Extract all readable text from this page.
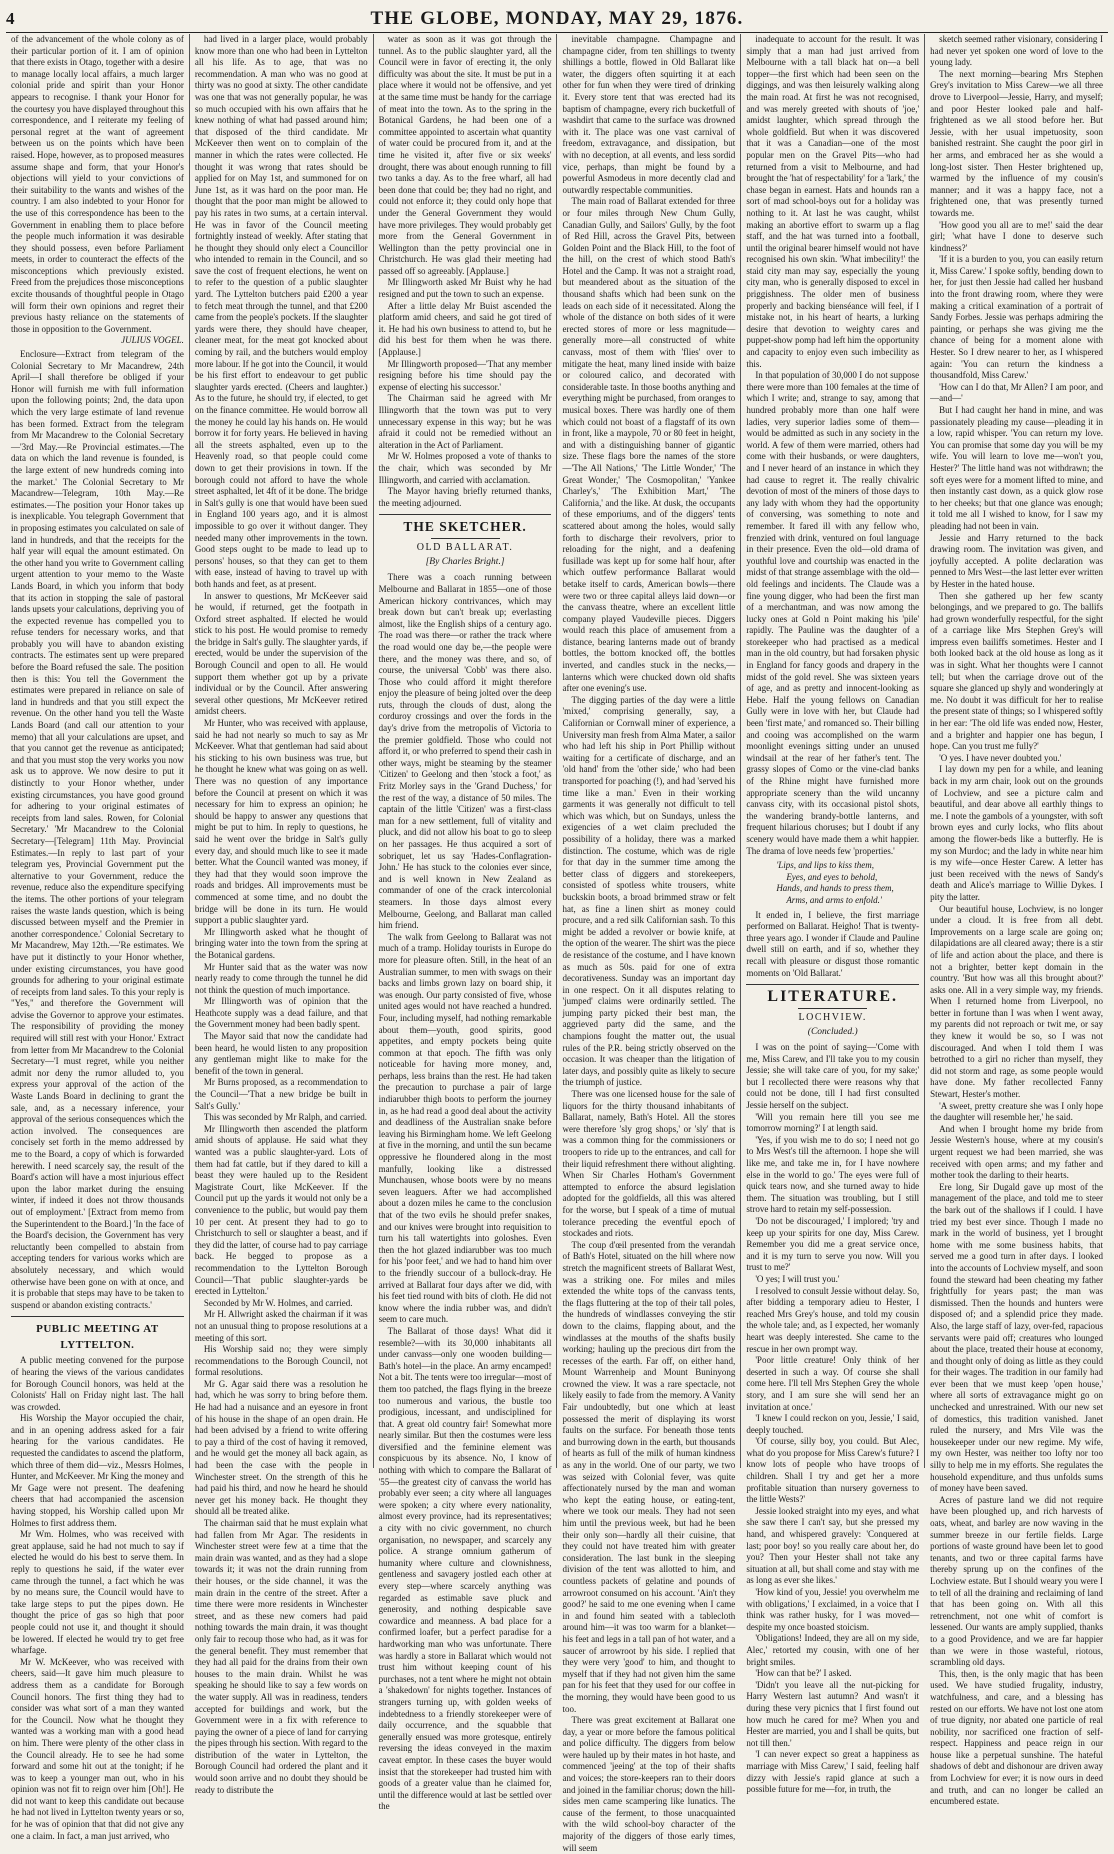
4	THE GLOBE, MONDAY, MAY 29, 1876.

of the advancement of the whole colony as of their particular portion of it. I am of opinion that there exists in Otago, together with a desire to manage locally local affairs, a much larger colonial pride and spirit than your Honor appears to recognise. I thank your Honor for the courtesy you have displayed throughout this correspondence, and I reiterate my feeling of personal regret at the want of agreement between us on the points which have been raised. Hope, however, as to proposed measures assume shape and form, that your Honor's objections will yield to your convictions of their suitability to the wants and wishes of the country. I am also indebted to your Honor for the use of this correspondence has been to the Government in enabling them to place before the people much information it was desirable they should possess, even before Parliament meets, in order to counteract the effects of the misconceptions which previously existed. Freed from the prejudices those misconceptions excite thousands of thoughtful people in Otago will form their own opinions and regret their previous hasty reliance on the statements of those in opposition to the Government.

JULIUS VOGEL.

Enclosure—Extract from telegram of the Colonial Secretary to Mr Macandrew, 24th April—I shall therefore be obliged if your Honor will furnish me with full information upon the following points; 2nd, the data upon which the very large estimate of land revenue has been formed. Extract from the telegram from Mr Macandrew to the Colonial Secretary—'3rd May.—Re Provincial estimates.—The data on which the land revenue is founded, is the large extent of new hundreds coming into the market.' The Colonial Secretary to Mr Macandrew—Telegram, 10th May.—Re estimates.—The position your Honor takes up is inexplicable. You telegraph Government that in proposing estimates you calculated on sale of land in hundreds, and that the receipts for the half year will equal the amount estimated. On the other hand you write to Government calling urgent attention to your memo to the Waste Lands Board, in which you inform that body that its action in stopping the sale of pastoral lands upsets your calculations, depriving you of the expected revenue has compelled you to refuse tenders for necessary works, and that probably you will have to abandon existing contracts. The estimates sent up were prepared before the Board refused the sale. The position then is this: You tell the Government the estimates were prepared in reliance on sale of land in hundreds and that you still expect the revenue. On the other hand you tell the Waste Lands Board (and call our attention to your memo) that all your calculations are upset, and that you cannot get the revenue as anticipated; and that you must stop the very works you now ask us to approve. We now desire to put it distinctly to your Honor whether, under existing circumstances, you have good ground for adhering to your original estimates of receipts from land sales. Rowen, for Colonial Secretary.' 'Mr Macandrew to the Colonial Secretary—[Telegram] 11th May. Provincial Estimates.—In reply to last part of your telegram yes, Provincial Government put the alternative to your Government, reduce the revenue, reduce also the expenditure specifying the items. The other portions of your telegram raises the waste lands question, which is being discussed between myself and the Premier in another correspondence.' Colonial Secretary to Mr Macandrew, May 12th.—'Re estimates. We have put it distinctly to your Honor whether, under existing circumstances, you have good grounds for adhering to your original estimate of receipts from land sales. To this your reply is "Yes," and therefore the Government will advise the Governor to approve your estimates. The responsibility of providing the money required will still rest with your Honor.' Extract from letter from Mr Macandrew to the Colonial Secretary—'I must regret, while you neither admit nor deny the rumor alluded to, you express your approval of the action of the Waste Lands Board in declining to grant the sale, and, as a necessary inference, your approval of the serious consequences which the action involved. The consequences are concisely set forth in the memo addressed by me to the Board, a copy of which is forwarded herewith. I need scarcely say, the result of the Board's action will have a most injurious effect upon the labor market during the ensuing winter, if indeed it does not throw thousands out of employment.' [Extract from memo from the Superintendent to the Board.] 'In the face of the Board's decision, the Government has very reluctantly been compelled to abstain from accepting tenders for various works which are absolutely necessary, and which would otherwise have been gone on with at once, and it is probable that steps may have to be taken to suspend or abandon existing contracts.'

PUBLIC MEETING AT LYTTELTON.

A public meeting convened for the purpose of hearing the views of the various candidates for Borough Council honors, was held at the Colonists' Hall on Friday night last. The hall was crowded.

His Worship the Mayor occupied the chair, and in an opening address asked for a fair hearing for the various candidates. He requested the candidates to ascend the platform, which three of them did—viz., Messrs Holmes, Hunter, and McKeever. Mr King the money and Mr Gage were not present. The deafening cheers that had accompanied the ascension having stopped, his Worship called upon Mr Holmes to first address them.

Mr Wm. Holmes, who was received with great applause, said he had not much to say if elected he would do his best to serve them. In reply to questions he said, if the water ever came through the tunnel, a fact which he was by no means sure, the Council would have to take large steps to put the pipes down. He thought the price of gas so high that poor people could not use it, and thought it should be lowered. If elected he would try to get free wharfage.

Mr W. McKeever, who was received with cheers, said—It gave him much pleasure to address them as a candidate for Borough Council honors. The first thing they had to consider was what sort of a man they wanted for the Council. Now what he thought they wanted was a working man with a good head on him. There were plenty of the other class in the Council already. He to see he had some forward and some hit out at the tonight; if he was to keep a younger man out, who in his opinion was not fit to reign over him [Oh!]. He did not want to keep this candidate out because he had not lived in Lyttelton twenty years or so, for he was of opinion that that did not give any one a claim. In fact, a man just arrived, who

had lived in a larger place, would probably know more than one who had been in Lyttelton all his life. As to age, that was no recommendation. A man who was no good at thirty was no good at sixty. The other candidate was one that was not generally popular, he was so much occupied with his own affairs that he knew nothing of what had passed around him; that disposed of the third candidate. Mr McKeever then went on to complain of the manner in which the rates were collected. He thought it was wrong that rates should be applied for on May 1st, and summoned for on June 1st, as it was hard on the poor man. He thought that the poor man might be allowed to pay his rates in two sums, at a certain interval. He was in favor of the Council meeting fortnightly instead of weekly. After stating that he thought they should only elect a Councillor who intended to remain in the Council, and so save the cost of frequent elections, he went on to refer to the question of a public slaughter yard. The Lyttelton butchers paid £200 a year to fetch meat through the tunnel, and that £200 came from the people's pockets. If the slaughter yards were there, they should have cheaper, cleaner meat, for the meat got knocked about coming by rail, and the butchers would employ more labour. If he got into the Council, it would be his first effort to endeavour to get public slaughter yards erected. (Cheers and laughter.) As to the future, he should try, if elected, to get on the finance committee. He would borrow all the money he could lay his hands on. He would borrow it for forty years. He believed in having all the streets asphalted, even up to the Heavenly road, so that people could come down to get their provisions in town. If the borough could not afford to have the whole street asphalted, let 4ft of it be done. The bridge in Salt's gully is one that would have been sued in England 100 years ago, and it is almost impossible to go over it without danger. They needed many other improvements in the town. Good steps ought to be made to lead up to persons' houses, so that they can get to them with ease, instead of having to travel up with both hands and feet, as at present.

In answer to questions, Mr McKeever said he would, if returned, get the footpath in Oxford street asphalted. If elected he would stick to his post. He would promise to remedy the bridge in Salt's gully. The slaughter yards, if erected, would be under the supervision of the Borough Council and open to all. He would support them whether got up by a private individual or by the Council. After answering several other questions, Mr McKeever retired amidst cheers.

Mr Hunter, who was received with applause, said he had not nearly so much to say as Mr McKeever. What that gentleman had said about his sticking to his own business was true, but he thought he knew what was going on as well. There was no question of any importance before the Council at present on which it was necessary for him to express an opinion; he should be happy to answer any questions that might be put to him. In reply to questions, he said he went over the bridge in Salt's gully every day, and should much like to see it made better. What the Council wanted was money, if they had that they would soon improve the roads and bridges. All improvements must be commenced at some time, and no doubt the bridge will be done in its turn. He would support a public slaughter yard.

Mr Illingworth asked what he thought of bringing water into the town from the spring at the Botanical gardens.

Mr Hunter said that as the water was now nearly ready to come through the tunnel he did not think the question of much importance.

Mr Illingworth was of opinion that the Heathcote supply was a dead failure, and that the Government money had been badly spent.

The Mayor said that now the candidate had been heard, he would listen to any proposition any gentleman might like to make for the benefit of the town in general.

Mr Burns proposed, as a recommendation to the Council—'That a new bridge be built in Salt's Gully.'

This was seconded by Mr Ralph, and carried.

Mr Illingworth then ascended the platform amid shouts of applause. He said what they wanted was a public slaughter-yard. Lots of them had fat cattle, but if they dared to kill a beast they were hauled up to the Resident Magistrate Court, like McKeever. If the Council put up the yards it would not only be a convenience to the public, but would pay them 10 per cent. At present they had to go to Christchurch to sell or slaughter a beast, and if they did the latter, of course had to pay carriage back. He begged to propose as a recommendation to the Lyttelton Borough Council—'That public slaughter-yards be erected in Lyttelton.'

Seconded by Mr W. Holmes, and carried.

Mr H. Allwright asked the chairman if it was not an unusual thing to propose resolutions at a meeting of this sort.

His Worship said no; they were simply recommendations to the Borough Council, not formal resolutions.

Mr G. Agar said there was a resolution he had, which he was sorry to bring before them. He had had a nuisance and an eyesore in front of his house in the shape of an open drain. He had been advised by a friend to write offering to pay a third of the cost of having it removed, and he would get the money all back again, as had been the case with the people in Winchester street. On the strength of this he had paid his third, and now he heard he should never get his money back. He thought they should all be treated alike.

The chairman said that he must explain what had fallen from Mr Agar. The residents in Winchester street were few at a time that the main drain was wanted, and as they had a slope towards it; it was not the drain running from their houses, or the side channel, it was the main drain in the centre of the street. After a time there were more residents in Winchester street, and as these new comers had paid nothing towards the main drain, it was thought only fair to recoup those who had, as it was for the general benefit. They must remember that they had all paid for the drains from their own houses to the main drain. Whilst he was speaking he should like to say a few words on the water supply. All was in readiness, tenders accepted for buildings and work, but the Government were in a fix with reference to paying the owner of a piece of land for carrying the pipes through his section. With regard to the distribution of the water in Lyttelton, the Borough Council had ordered the plant and it would soon arrive and no doubt they should be ready to distribute the

water as soon as it was got through the tunnel. As to the public slaughter yard, all the Council were in favor of erecting it, the only difficulty was about the site. It must be put in a place where it would not be offensive, and yet at the same time must be handy for the carriage of meat into the town. As to the spring in the Botanical Gardens, he had been one of a committee appointed to ascertain what quantity of water could be procured from it, and at the time he visited it, after five or six weeks' drought, there was about enough running to fill two tanks a day. As to the free wharf, all had been done that could be; they had no right, and could not enforce it; they could only hope that under the General Government they would have more privileges. They would probably get more from the General Government in Wellington than the petty provincial one in Christchurch. He was glad their meeting had passed off so agreeably. [Applause.]

Mr Illingworth asked Mr Buist why he had resigned and put the town to such an expense.

After a little delay Mr Buist ascended the platform amid cheers, and said he got tired of it. He had his own business to attend to, but he did his best for them when he was there. [Applause.]

Mr Illingworth proposed—'That any member resigning before his time should pay the expense of electing his successor.'

The Chairman said he agreed with Mr Illingworth that the town was put to very unnecessary expense in this way; but he was afraid it could not be remedied without an alteration in the Act of Parliament.

Mr W. Holmes proposed a vote of thanks to the chair, which was seconded by Mr Illingworth, and carried with acclamation.

The Mayor having briefly returned thanks, the meeting adjourned.

THE SKETCHER.
OLD BALLARAT.
[By Charles Bright.]

There was a coach running between Melbourne and Ballarat in 1855—one of those American hickory contrivances, which may break down but can't break up; everlasting almost, like the English ships of a century ago. The road was there—or rather the track where the road would one day be,—the people were there, and the money was there, and so, of course, the universal 'Cobb' was there also. Those who could afford it might therefore enjoy the pleasure of being jolted over the deep ruts, through the clouds of dust, along the corduroy crossings and over the fords in the day's drive from the metropolis of Victoria to the premier goldfield. Those who could not afford it, or who preferred to spend their cash in other ways, might be steaming by the steamer 'Citizen' to Geelong and then 'stock a foot,' as Fritz Morley says in the 'Grand Duchess,' for the rest of the way, a distance of 50 miles. The captain of the little 'Citizen' was a first-class man for a new settlement, full of vitality and pluck, and did not allow his boat to go to sleep on her passages. He thus acquired a sort of sobriquet, let us say 'Hades-Conflagration-John.' He has stuck to the colonies ever since, and is well known in New Zealand as commander of one of the crack intercolonial steamers. In those days almost every Melbourne, Geelong, and Ballarat man called him friend.

The walk from Geelong to Ballarat was not much of a tramp. Holiday tourists in Europe do more for pleasure often. Still, in the heat of an Australian summer, to men with swags on their backs and limbs grown lazy on board ship, it was enough. Our party consisted of five, whose united ages would not have reached a hundred. Four, including myself, had nothing remarkable about them—youth, good spirits, good appetites, and empty pockets being quite common at that epoch. The fifth was only noticeable for having more money, and, perhaps, less brains than the rest. He had taken the precaution to purchase a pair of large indiarubber thigh boots to perform the journey in, as he had read a good deal about the activity and deadliness of the Australian snake before leaving his Birmingham home. We left Geelong at five in the morning, and until the sun became oppressive he floundered along in the most manfully, looking like a distressed Munchausen, whose boots were by no means seven leaguers. After we had accomplished about a dozen miles he came to the conclusion that of the two evils he should prefer snakes, and our knives were brought into requisition to turn his tall watertights into goloshes. Even then the hot glazed indiarubber was too much for his 'poor feet,' and we had to hand him over to the friendly succour of a bullock-dray. He arrived at Ballarat four days after we did, with his feet tied round with bits of cloth. He did not know where the india rubber was, and didn't seem to care much.

The Ballarat of those days! What did it resemble?—with its 30,000 inhabitants all under canvass—only one wooden building—Bath's hotel—in the place. An army encamped! Not a bit. The tents were too irregular—most of them too patched, the flags flying in the breeze too numerous and various, the bustle too prodigious, incessant, and undisciplined for that. A great old country fair! Somewhat more nearly similar. But then the costumes were less diversified and the feminine element was conspicuous by its absence. No, I know of nothing with which to compare the Ballarat of '55—the greatest city of canvass the world has probably ever seen; a city where all languages were spoken; a city where every nationality, almost every province, had its representatives; a city with no civic government, no church organisation, no newspaper, and scarcely any police. A strange omnium gatherum of humanity where culture and clownishness, gentleness and savagery jostled each other at every step—where scarcely anything was regarded as estimable save pluck and generosity, and nothing despicable save cowardice and meanness. A bad place for a confirmed loafer, but a perfect paradise for a hardworking man who was unfortunate. There was hardly a store in Ballarat which would not trust him without keeping count of his purchases, not a tent where he might not obtain a 'shakedown' for nights together. Instances of strangers turning up, with golden weeks of indebtedness to a friendly storekeeper were of daily occurrence, and the squabble that generally ensued was more grotesque, entirely reversing the ideas conveyed in the maxim caveat emptor. In these cases the buyer would insist that the storekeeper had trusted him with goods of a greater value than he claimed for, until the difference would at last be settled over the

inevitable champagne. Champagne and champagne cider, from ten shillings to twenty shillings a bottle, flowed in Old Ballarat like water, the diggers often squirting it at each other for fun when they were tired of drinking it. Every store tent that was erected had its baptism of champagne, every rich bucketfull of washdirt that came to the surface was drowned with it. The place was one vast carnival of freedom, extravagance, and dissipation, but with no deception, at all events, and less sordid vice, perhaps, than might be found by a powerful Asmodeus in more decently clad and outwardly respectable communities.

The main road of Ballarat extended for three or four miles through New Chum Gully, Canadian Gully, and Sailors' Gully, by the foot of Red Hill, across the Gravel Pits, between Golden Point and the Black Hill, to the foot of the hill, on the crest of which stood Bath's Hotel and the Camp. It was not a straight road, but meandered about as the situation of the thousand shafts which had been sunk on the leads on each side of it necessitated. Along the whole of the distance on both sides of it were erected stores of more or less magnitude—generally more—all constructed of white canvass, most of them with 'flies' over to mitigate the heat, many lined inside with baize or coloured calico, and decorated with considerable taste. In those booths anything and everything might be purchased, from oranges to musical boxes. There was hardly one of them which could not boast of a flagstaff of its own in front, like a maypole, 70 or 80 feet in height, and with a distinguishing banner of gigantic size. These flags bore the names of the store—'The All Nations,' 'The Little Wonder,' 'The Great Wonder,' 'The Cosmopolitan,' 'Yankee Charley's,' 'The Exhibition Mart,' 'The California,' and the like. At dusk, the occupants of these emporiums, and of the diggers' tents scattered about among the holes, would sally forth to discharge their revolvers, prior to reloading for the night, and a deafening fusillade was kept up for some half hour, after which outfew performance Ballarat would betake itself to cards, American bowls—there were two or three capital alleys laid down—or the canvass theatre, where an excellent little company played Vaudeville pieces. Diggers would reach this place of amusement from a distance, bearing lanterns made out of brandy bottles, the bottom knocked off, the bottles inverted, and candles stuck in the necks,—lanterns which were chucked down old shafts after one evening's use.

The digging parties of the day were a little 'mixed,' comprising generally, say, a Californian or Cornwall miner of experience, a University man fresh from Alma Mater, a sailor who had left his ship in Port Phillip without waiting for a certificate of discharge, and an 'old hand' from the 'other side,' who had been transported for poaching (!), and had 'served his time like a man.' Even in their working garments it was generally not difficult to tell which was which, but on Sundays, unless the exigencies of a wet claim precluded the possibility of a holiday, there was a marked distinction. The costume, which was de rigle for that day in the summer time among the better class of diggers and storekeepers, consisted of spotless white trousers, white buckskin boots, a broad brimmed straw or felt hat, as fine a linen shirt as money could procure, and a red silk Californian sash. To this might be added a revolver or bowie knife, at the option of the wearer. The shirt was the piece de resistance of the costume, and I have known as much as 50s. paid for one of extra decorativeness. Sunday was an important day in one respect. On it all disputes relating to 'jumped' claims were ordinarily settled. The jumping party picked their best man, the aggrieved party did the same, and the champions fought the matter out, the usual rules of the P.R. being strictly observed on the occasion. It was cheaper than the litigation of later days, and possibly quite as likely to secure the triumph of justice.

There was one licensed house for the sale of liquors for the thirty thousand inhabitants of Ballarat, namely, Bath's Hotel. All the stores were therefore 'sly grog shops,' or 'sly' that is was a common thing for the commissioners or troopers to ride up to the entrances, and call for their liquid refreshment there without alighting. When Sir Charles Hotham's Government attempted to enforce the absurd legislation adopted for the goldfields, all this was altered for the worse, but I speak of a time of mutual tolerance preceding the eventful epoch of stockades and riots.

The coup d'œil presented from the verandah of Bath's Hotel, situated on the hill where now stretch the magnificent streets of Ballarat West, was a striking one. For miles and miles extended the white tops of the canvass tents, the flags fluttering at the top of their tall poles, the hundreds of windlasses conveying the stir down to the claims, flapping about, and the windlasses at the mouths of the shafts busily working; hauling up the precious dirt from the recesses of the earth. Far off, on either hand, Mount Warrenheip and Mount Buninyong crowned the view. It was a rare spectacle, not likely easily to fade from the memory. A Vanity Fair undoubtedly, but one which at least possessed the merit of displaying its worst faults on the surface. For beneath those tents and burrowing down in the earth, but thousands of hearts as full of the milk of human kindness as any in the world. One of our party, we two was seized with Colonial fever, was quite affectionately nursed by the man and woman who kept the eating house, or eating-tent, where we took our meals. They had not seen him until the previous week, but had he been their only son—hardly all their cuisine, that they could not have treated him with greater consideration. The last bunk in the sleeping division of the tent was allotted to him, and countless packets of gelatine and pounds of arrowroot consumed on his account. 'Ain't they good?' he said to me one evening when I came in and found him seated with a tablecloth around him—it was too warm for a blanket—his feet and legs in a tall pan of hot water, and a saucer of arrowroot by his side. I replied that they were very 'good' to him, and thought to myself that if they had not given him the same pan for his feet that they used for our coffee in the morning, they would have been good to us too.

There was great excitement at Ballarat one day, a year or more before the famous political and police difficulty. The diggers from below were hauled up by their mates in hot haste, and commenced 'jeeing' at the top of their shafts and voices; the store-keepers ran to their doors and joined in the familiar chorus; down the hill-sides men came scampering like lunatics. The cause of the ferment, to those unacquainted with the wild school-boy character of the majority of the diggers of those early times, will seem

inadequate to account for the result. It was simply that a man had just arrived from Melbourne with a tall black hat on—a bell topper—the first which had been seen on the diggings, and was then leisurely walking along the main road. At first he was not recognised, and was merely greeted with shouts of 'joe,' amidst laughter, which spread through the whole goldfield. But when it was discovered that it was a Canadian—one of the most popular men on the Gravel Pits—who had returned from a visit to Melbourne, and had brought the 'hat of respectability' for a 'lark,' the chase began in earnest. Hats and hounds ran a sort of mad school-boys out for a holiday was nothing to it. At last he was caught, whilst making an abortive effort to swarm up a flag staff, and the hat was turned into a football, until the original bearer himself would not have recognised his own skin. 'What imbecility!' the staid city man may say, especially the young city man, who is generally disposed to excel in priggishness. The older men of business properly and backing bienséance will feel, if I mistake not, in his heart of hearts, a lurking desire that devotion to weighty cares and puppet-show pomp had left him the opportunity and capacity to enjoy even such imbecility as this.

In that population of 30,000 I do not suppose there were more than 100 females at the time of which I write; and, strange to say, among that hundred probably more than one half were ladies, very superior ladies some of them—would be admitted as such in any society in the world. A few of them were married, others had come with their husbands, or were daughters, and I never heard of an instance in which they had cause to regret it. The really chivalric devotion of most of the miners of those days to any lady with whom they had the opportunity of conversing, was something to note and remember. It fared ill with any fellow who, frenzied with drink, ventured on foul language in their presence. Even the old—old drama of youthful love and courtship was enacted in the midst of that strange assemblage with the old—old feelings and incidents. The Claude was a fine young digger, who had been the first man of a merchantman, and was now among the lucky ones at Gold n Point making his 'pile' rapidly. The Pauline was the daughter of a storekeeper who had practised as a medical man in the old country, but had forsaken physic in England for fancy goods and drapery in the midst of the gold revel. She was sixteen years of age, and as pretty and innocent-looking as Hebe. Half the young fellows on Canadian Gully were in love with her, but Claude had been 'first mate,' and romanced so. Their billing and cooing was accomplished on the warm moonlight evenings sitting under an unused windsail at the rear of her father's tent. The grassy slopes of Como or the vine-clad banks of the Rhine might have furnished more appropriate scenery than the wild uncanny canvass city, with its occasional pistol shots, the wandering brandy-bottle lanterns, and frequent hilarious choruses; but I doubt if any scenery would have made them a whit happier. The drama of love needs few 'properties.'

'Lips, and lips to kiss them,
Eyes, and eyes to behold,
Hands, and hands to press them,
Arms, and arms to enfold.'

It ended in, I believe, the first marriage performed on Ballarat. Heigho! That is twenty-three years ago. I wonder if Claude and Pauline dwell still on earth, and if so, whether they recall with pleasure or disgust those romantic moments on 'Old Ballarat.'

LITERATURE.
LOCHVIEW.
(Concluded.)

I was on the point of saying—'Come with me, Miss Carew, and I'll take you to my cousin Jessie; she will take care of you, for my sake;' but I recollected there were reasons why that could not be done, till I had first consulted Jessie herself on the subject.

'Will you remain here till you see me tomorrow morning?' I at length said.

'Yes, if you wish me to do so; I need not go to Mrs West's till the afternoon. I hope she will like me, and take me in, for I have nowhere else in the world to go.' The eyes were full of quick tears now, and she turned away to hide them. The situation was troubling, but I still strove hard to retain my self-possession.

'Do not be discouraged,' I implored; 'try and keep up your spirits for one day, Miss Carew. Remember you did me a great service once, and it is my turn to serve you now. Will you trust to me?'

'O yes; I will trust you.'

I resolved to consult Jessie without delay. So, after bidding a temporary adieu to Hester, I reached Mrs Grey's house, and told my cousin the whole tale; and, as I expected, her womanly heart was deeply interested. She came to the rescue in her own prompt way.

'Poor little creature! Only think of her deserted in such a way. Of course she shall come here. I'll tell Mrs Stephen Grey the whole story, and I am sure she will send her an invitation at once.'

'I knew I could reckon on you, Jessie,' I said, deeply touched.

'Of course, silly boy, you could. But Alec, what do you propose for Miss Carew's future? I know lots of people who have troops of children. Shall I try and get her a more profitable situation than nursery governess to the little Wests?'

Jessie looked straight into my eyes, and what she saw there I can't say, but she pressed my hand, and whispered gravely: 'Conquered at last; poor boy! so you really care about her, do you? Then your Hester shall not take any situation at all, but shall come and stay with me as long as ever she likes.'

'How kind of you, Jessie! you overwhelm me with obligations,' I exclaimed, in a voice that I think was rather husky, for I was moved—despite my once boasted stoicism.

'Obligations! Indeed, they are all on my side, Alec,' retorted my cousin, with one of her bright smiles.

'How can that be?' I asked.

'Didn't you leave all the nut-picking for Harry Western last autumn? And wasn't it during these very picnics that I first found out how much he cared for me? When you and Hester are married, you and I shall be quits, but not till then.'

'I can never expect so great a happiness as marriage with Miss Carew,' I said, feeling half dizzy with Jessie's rapid glance at such a possible future for me—for, in truth, the

sketch seemed rather visionary, considering I had never yet spoken one word of love to the young lady.

The next morning—bearing Mrs Stephen Grey's invitation to Miss Carew—we all three drove to Liverpool—Jessie, Harry, and myself; and poor Hester looked pale and half-frightened as we all stood before her. But Jessie, with her usual impetuosity, soon banished restraint. She caught the poor girl in her arms, and embraced her as she would a long-lost sister. Then Hester brightened up, warmed by the influence of my cousin's manner; and it was a happy face, not a frightened one, that was presently turned towards me.

'How good you all are to me!' said the dear girl; 'what have I done to deserve such kindness?'

'If it is a burden to you, you can easily return it, Miss Carew.' I spoke softly, bending down to her, for just then Jessie had called her husband into the front drawing room, where they were making a critical examination of a portrait of Sandy Forbes. Jessie was perhaps admiring the painting, or perhaps she was giving me the chance of being for a moment alone with Hester. So I drew nearer to her, as I whispered again: 'You can return the kindness a thousandfold, Miss Carew.'

'How can I do that, Mr Allen? I am poor, and—and—'

But I had caught her hand in mine, and was passionately pleading my cause—pleading it in a low, rapid whisper. 'You can return my love. You can promise that some day you will be my wife. You will learn to love me—won't you, Hester?' The little hand was not withdrawn; the soft eyes were for a moment lifted to mine, and then instantly cast down, as a quick glow rose to her cheeks; but that one glance was enough; it told me all I wished to know, for I saw my pleading had not been in vain.

Jessie and Harry returned to the back drawing room. The invitation was given, and joyfully accepted. A polite declaration was penned to Mrs West—the last letter ever written by Hester in the hated house.

Then she gathered up her few scanty belongings, and we prepared to go. The ballifs had grown wonderfully respectful, for the sight of a carriage like Mrs Stephen Grey's will impress even bailiffs sometimes. Hester and I both looked back at the old house as long as it was in sight. What her thoughts were I cannot tell; but when the carriage drove out of the square she glanced up shyly and wonderingly at me. No doubt it was difficult for her to realise the present state of things; so I whispered softly in her ear: 'The old life was ended now, Hester, and a brighter and happier one has begun, I hope. Can you trust me fully?'

'O yes. I have never doubted you.'

I lay down my pen for a while, and leaning back in my arm chair, look out on the grounds of Lochview, and see a picture calm and beautiful, and dear above all earthly things to me. I note the gambols of a youngster, with soft brown eyes and curly locks, who flits about among the flower-beds like a butterfly. He is my son Murdoc; and the lady in white near him is my wife—once Hester Carew. A letter has just been received with the news of Sandy's death and Alice's marriage to Willie Dykes. I pity the latter.

Our beautiful house, Lochview, is no longer under a cloud. It is free from all debt. Improvements on a large scale are going on; dilapidations are all cleared away; there is a stir of life and action about the place, and there is not a brighter, better kept domain in the country. 'But how was all this brought about?' asks one. All in a very simple way, my friends. When I returned home from Liverpool, no better in fortune than I was when I went away, my parents did not reproach or twit me, or say they knew it would be so, so I was not discouraged. And when I told them I was betrothed to a girl no richer than myself, they did not storm and rage, as some people would have done. My father recollected Fanny Stewart, Hester's mother.

'A sweet, pretty creature she was I only hope the daughter will resemble her,' he said.

And when I brought home my bride from Jessie Western's house, where at my cousin's urgent request we had been married, she was received with open arms; and my father and mother took the darling to their hearts.

Ere long, Sir Dugald gave up most of the management of the place, and told me to steer the bark out of the shallows if I could. I have tried my best ever since. Though I made no mark in the world of business, yet I brought home with me some business habits, that served me a good turn in after days. I looked into the accounts of Lochview myself, and soon found the steward had been cheating my father frightfully for years past; the man was dismissed. Then the hounds and hunters were disposed of; and a splendid price they made. Also, the large staff of lazy, over-fed, rapacious servants were paid off; creatures who lounged about the place, treated their house at economy, and thought only of doing as little as they could for their wages. The tradition in our family had ever been that we must keep 'open house,' where all sorts of extravagance might go on unchecked and unrestrained. With our new set of domestics, this tradition vanished. Janet ruled the nursery, and Mrs Vile was the housekeeper under our new regime. My wife, my own Hester, was neither too lofty nor too silly to help me in my efforts. She regulates the household expenditure, and thus unfolds sums of money have been saved.

Acres of pasture land we did not require have been ploughed up, and rich harvests of oats, wheat, and barley are now waving in the summer breeze in our fertile fields. Large portions of waste ground have been let to good tenants, and two or three capital farms have thereby sprung up on the confines of the Lochview estate. But I should weary you were I to tell of all the draining and reclaiming of land that has been going on. With all this retrenchment, not one whit of comfort is lessened. Our wants are amply supplied, thanks to a good Providence, and we are far happier than we were in those wasteful, riotous, scrambling old days.

This, then, is the only magic that has been used. We have studied frugality, industry, watchfulness, and care, and a blessing has rested on our efforts. We have not lost one atom of true dignity, nor abated one particle of real nobility, nor sacrificed one fraction of self-respect. Happiness and peace reign in our house like a perpetual sunshine. The hateful shadows of debt and dishonour are driven away from Lochview for ever; it is now ours in deed and truth, and can no longer be called an encumbered estate.
